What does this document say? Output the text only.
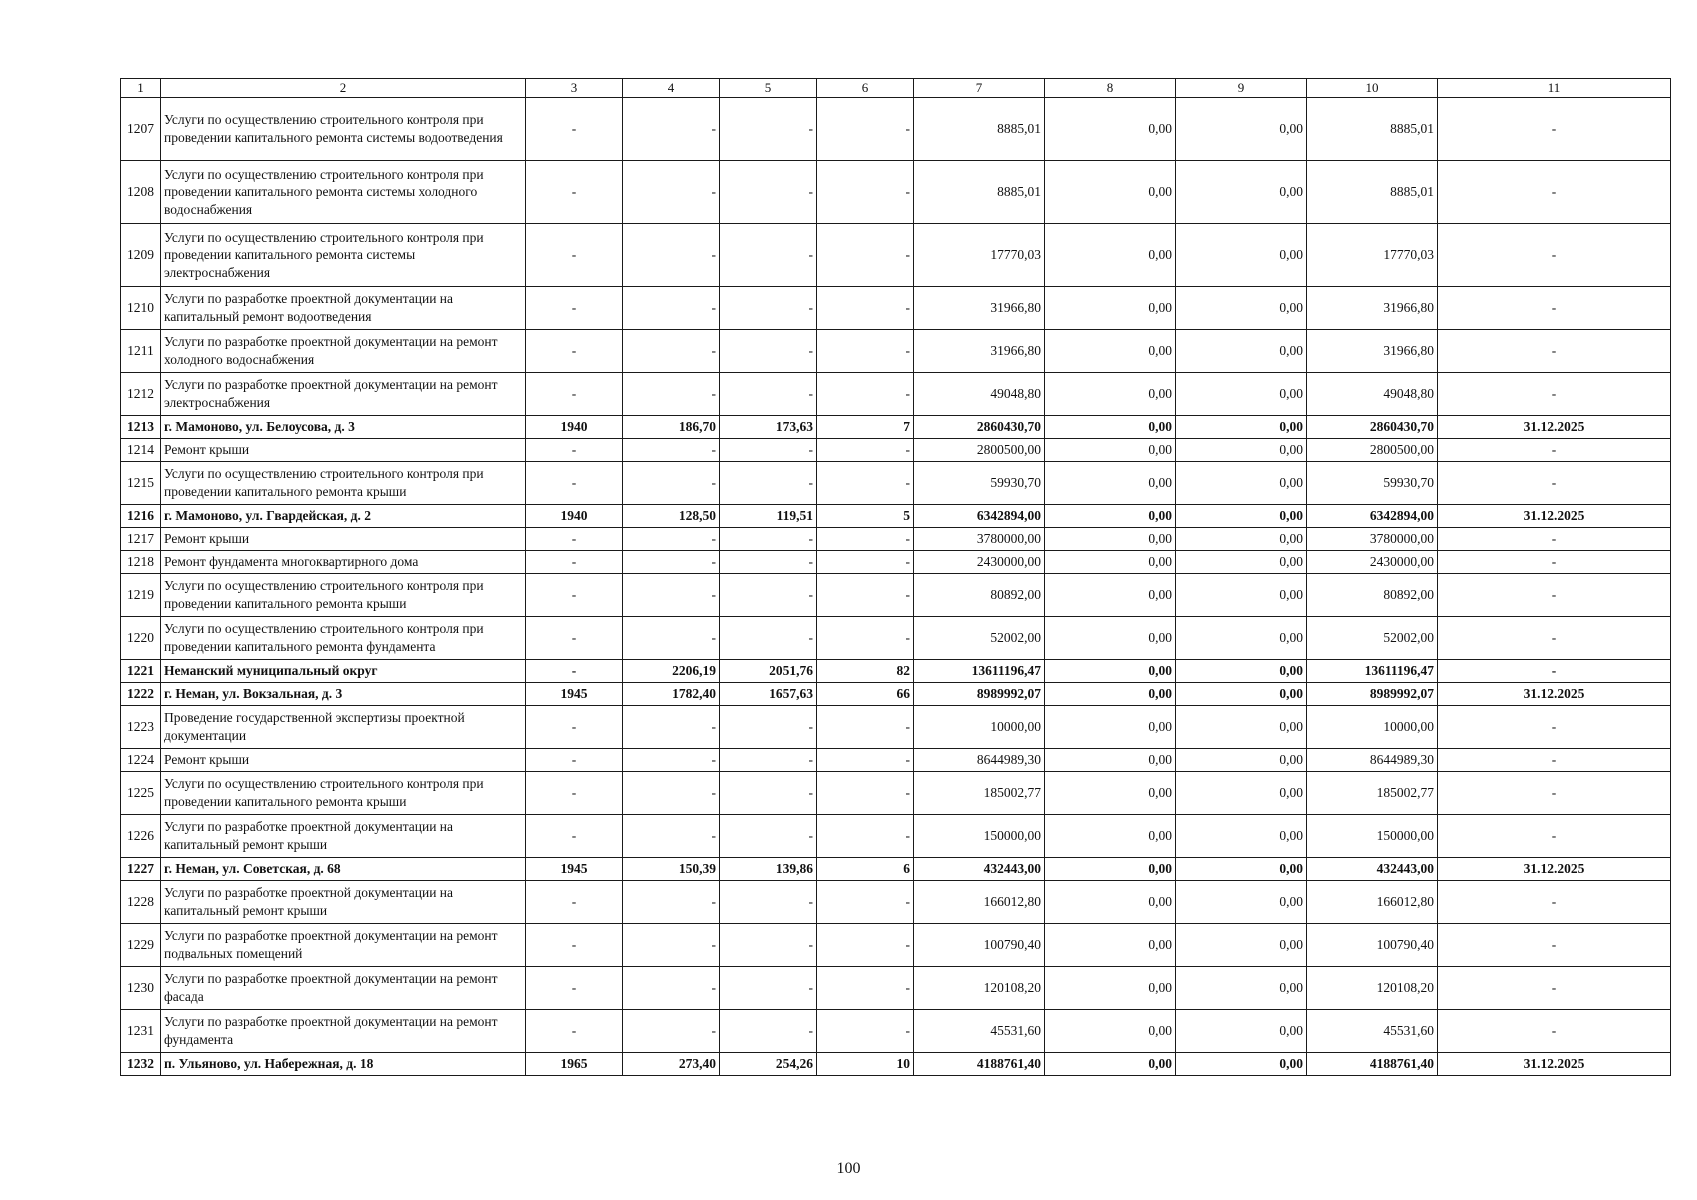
1	2	3	4	5	6	7	8	9	10	11
1207	Услуги по осуществлению строительного контроля при проведении капитального ремонта системы водоотведения	-	-	-	-	8885,01	0,00	0,00	8885,01	-
1208	Услуги по осуществлению строительного контроля при проведении капитального ремонта системы холодного водоснабжения	-	-	-	-	8885,01	0,00	0,00	8885,01	-
1209	Услуги по осуществлению строительного контроля при проведении капитального ремонта системы электроснабжения	-	-	-	-	17770,03	0,00	0,00	17770,03	-
1210	Услуги по разработке проектной документации на капитальный ремонт водоотведения	-	-	-	-	31966,80	0,00	0,00	31966,80	-
1211	Услуги по разработке проектной документации на ремонт холодного водоснабжения	-	-	-	-	31966,80	0,00	0,00	31966,80	-
1212	Услуги по разработке проектной документации на ремонт электроснабжения	-	-	-	-	49048,80	0,00	0,00	49048,80	-
1213	г. Мамоново, ул. Белоусова, д. 3	1940	186,70	173,63	7	2860430,70	0,00	0,00	2860430,70	31.12.2025
1214	Ремонт крыши	-	-	-	-	2800500,00	0,00	0,00	2800500,00	-
1215	Услуги по осуществлению строительного контроля при проведении капитального ремонта крыши	-	-	-	-	59930,70	0,00	0,00	59930,70	-
1216	г. Мамоново, ул. Гвардейская, д. 2	1940	128,50	119,51	5	6342894,00	0,00	0,00	6342894,00	31.12.2025
1217	Ремонт крыши	-	-	-	-	3780000,00	0,00	0,00	3780000,00	-
1218	Ремонт фундамента многоквартирного дома	-	-	-	-	2430000,00	0,00	0,00	2430000,00	-
1219	Услуги по осуществлению строительного контроля при проведении капитального ремонта крыши	-	-	-	-	80892,00	0,00	0,00	80892,00	-
1220	Услуги по осуществлению строительного контроля при проведении капитального ремонта фундамента	-	-	-	-	52002,00	0,00	0,00	52002,00	-
1221	Неманский муниципальный округ	-	2206,19	2051,76	82	13611196,47	0,00	0,00	13611196,47	-
1222	г. Неман, ул. Вокзальная, д. 3	1945	1782,40	1657,63	66	8989992,07	0,00	0,00	8989992,07	31.12.2025
1223	Проведение государственной экспертизы проектной документации	-	-	-	-	10000,00	0,00	0,00	10000,00	-
1224	Ремонт крыши	-	-	-	-	8644989,30	0,00	0,00	8644989,30	-
1225	Услуги по осуществлению строительного контроля при проведении капитального ремонта крыши	-	-	-	-	185002,77	0,00	0,00	185002,77	-
1226	Услуги по разработке проектной документации на капитальный ремонт крыши	-	-	-	-	150000,00	0,00	0,00	150000,00	-
1227	г. Неман, ул. Советская, д. 68	1945	150,39	139,86	6	432443,00	0,00	0,00	432443,00	31.12.2025
1228	Услуги по разработке проектной документации на капитальный ремонт крыши	-	-	-	-	166012,80	0,00	0,00	166012,80	-
1229	Услуги по разработке проектной документации на ремонт подвальных помещений	-	-	-	-	100790,40	0,00	0,00	100790,40	-
1230	Услуги по разработке проектной документации на ремонт фасада	-	-	-	-	120108,20	0,00	0,00	120108,20	-
1231	Услуги по разработке проектной документации на ремонт фундамента	-	-	-	-	45531,60	0,00	0,00	45531,60	-
1232	п. Ульяново, ул. Набережная, д. 18	1965	273,40	254,26	10	4188761,40	0,00	0,00	4188761,40	31.12.2025
100
